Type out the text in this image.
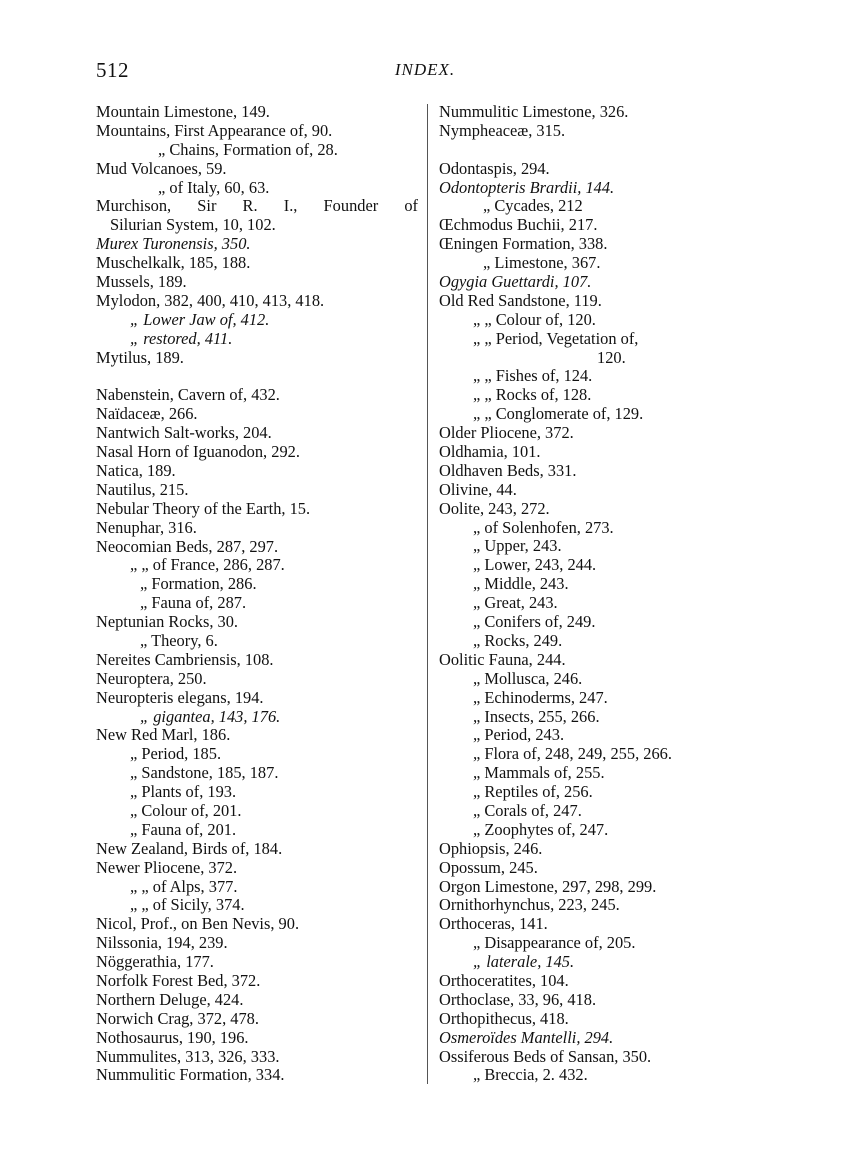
512	INDEX.
Mountain Limestone, 149.
Mountains, First Appearance of, 90.
„ Chains, Formation of, 28.
Mud Volcanoes, 59.
„ of Italy, 60, 63.
Murchison, Sir R. I., Founder of
Silurian System, 10, 102.
Murex Turonensis, 350.
Muschelkalk, 185, 188.
Mussels, 189.
Mylodon, 382, 400, 410, 413, 418.
„ Lower Jaw of, 412.
„ restored, 411.
Mytilus, 189.
Nabenstein, Cavern of, 432.
Naïdaceæ, 266.
Nantwich Salt-works, 204.
Nasal Horn of Iguanodon, 292.
Natica, 189.
Nautilus, 215.
Nebular Theory of the Earth, 15.
Nenuphar, 316.
Neocomian Beds, 287, 297.
„ „ of France, 286, 287.
„ Formation, 286.
„ Fauna of, 287.
Neptunian Rocks, 30.
„ Theory, 6.
Nereites Cambriensis, 108.
Neuroptera, 250.
Neuropteris elegans, 194.
„ gigantea, 143, 176.
New Red Marl, 186.
„ Period, 185.
„ Sandstone, 185, 187.
„ Plants of, 193.
„ Colour of, 201.
„ Fauna of, 201.
New Zealand, Birds of, 184.
Newer Pliocene, 372.
„ „ of Alps, 377.
„ „ of Sicily, 374.
Nicol, Prof., on Ben Nevis, 90.
Nilssonia, 194, 239.
Nöggerathia, 177.
Norfolk Forest Bed, 372.
Northern Deluge, 424.
Norwich Crag, 372, 478.
Nothosaurus, 190, 196.
Nummulites, 313, 326, 333.
Nummulitic Formation, 334.
Nummulitic Limestone, 326.
Nympheaceæ, 315.
Odontaspis, 294.
Odontopteris Brardii, 144.
„ Cycades, 212
Œchmodus Buchii, 217.
Œningen Formation, 338.
„ Limestone, 367.
Ogygia Guettardi, 107.
Old Red Sandstone, 119.
„ „ Colour of, 120.
„ „ Period, Vegetation of,
120.
„ „ Fishes of, 124.
„ „ Rocks of, 128.
„ „ Conglomerate of, 129.
Older Pliocene, 372.
Oldhamia, 101.
Oldhaven Beds, 331.
Olivine, 44.
Oolite, 243, 272.
„ of Solenhofen, 273.
„ Upper, 243.
„ Lower, 243, 244.
„ Middle, 243.
„ Great, 243.
„ Conifers of, 249.
„ Rocks, 249.
Oolitic Fauna, 244.
„ Mollusca, 246.
„ Echinoderms, 247.
„ Insects, 255, 266.
„ Period, 243.
„ Flora of, 248, 249, 255, 266.
„ Mammals of, 255.
„ Reptiles of, 256.
„ Corals of, 247.
„ Zoophytes of, 247.
Ophiopsis, 246.
Opossum, 245.
Orgon Limestone, 297, 298, 299.
Ornithorhynchus, 223, 245.
Orthoceras, 141.
„ Disappearance of, 205.
„ laterale, 145.
Orthoceratites, 104.
Orthoclase, 33, 96, 418.
Orthopithecus, 418.
Osmeroïdes Mantelli, 294.
Ossiferous Beds of Sansan, 350.
„ Breccia, 2. 432.
